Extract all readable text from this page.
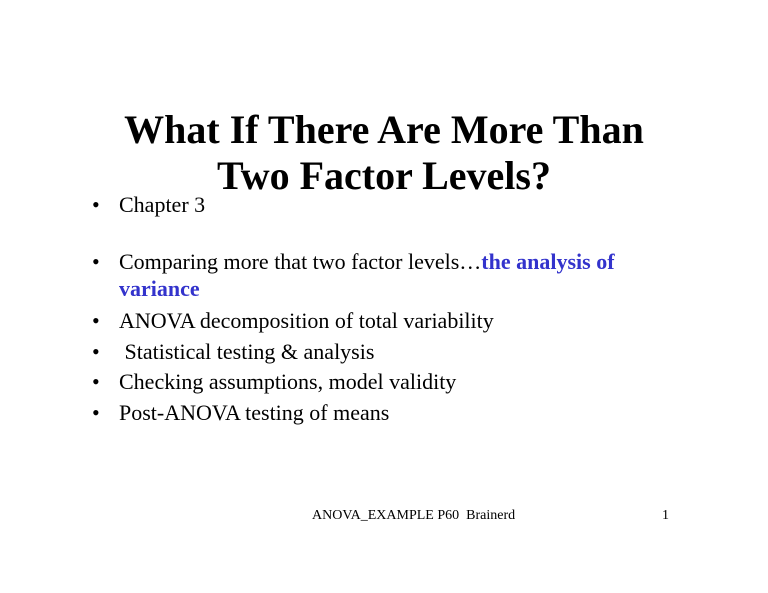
What If There Are More Than
Two Factor Levels?
• Chapter 3
• Comparing more that two factor levels…the analysis of
variance
• ANOVA decomposition of total variability
• Statistical testing & analysis
• Checking assumptions, model validity
• Post-ANOVA testing of means
ANOVA_EXAMPLE P60  Brainerd	1
